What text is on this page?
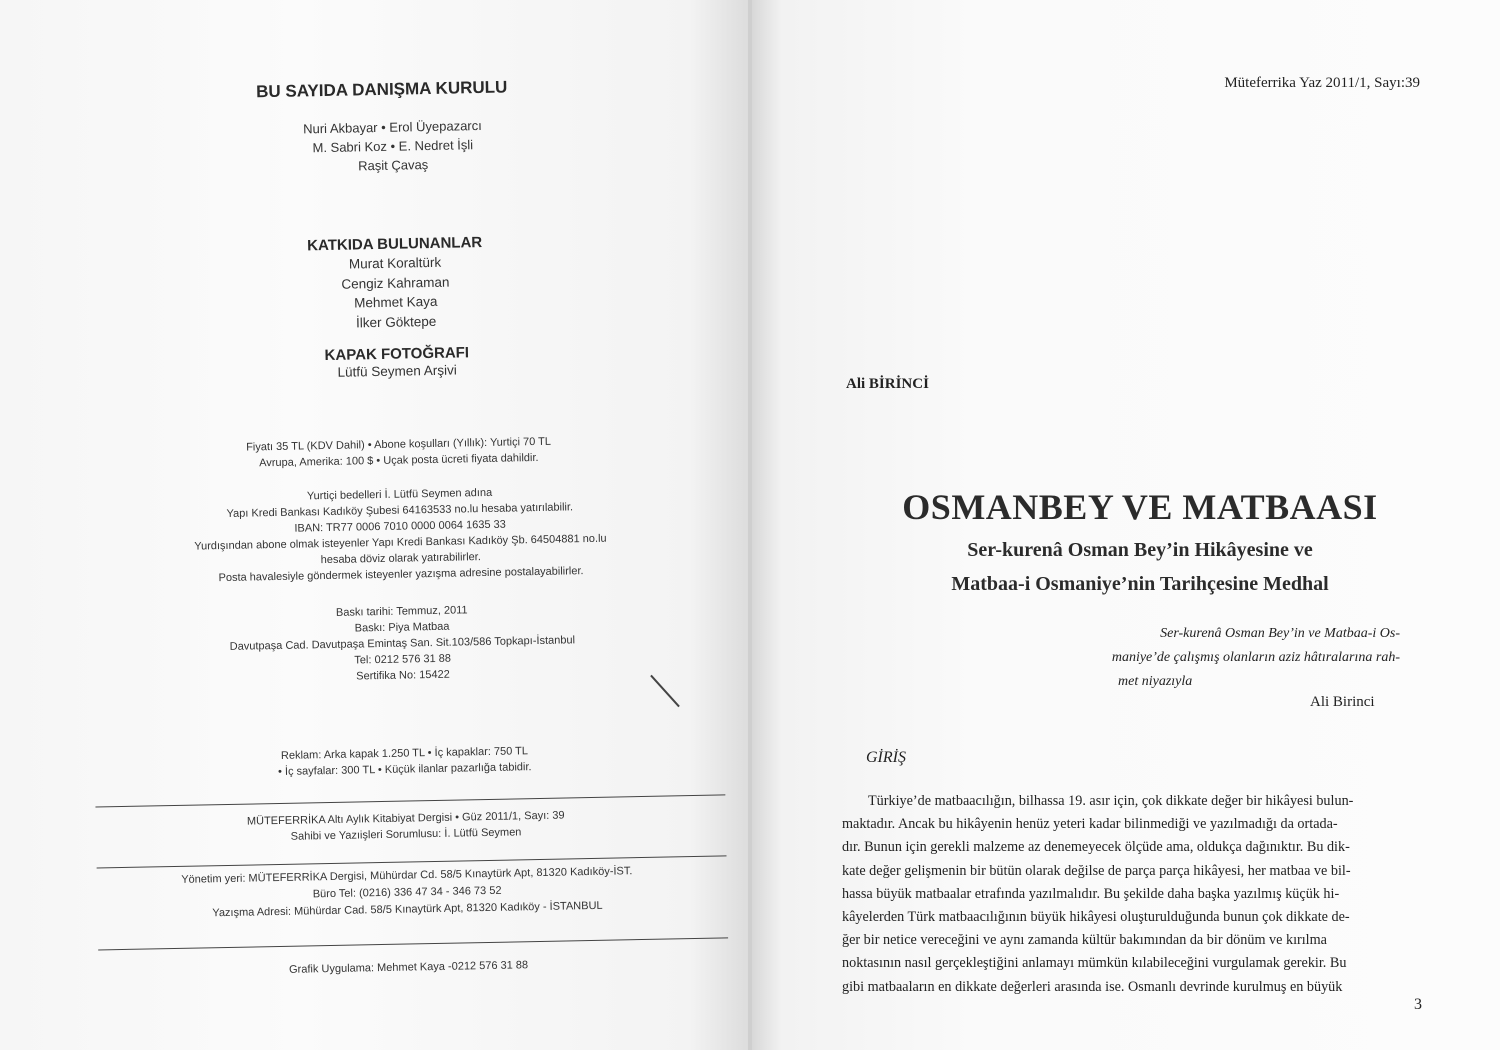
BU SAYIDA DANIŞMA KURULU
Nuri Akbayar • Erol Üyepazarcı
M. Sabri Koz • E. Nedret İşli
Raşit Çavaş
KATKIDA BULUNANLAR
Murat Koraltürk
Cengiz Kahraman
Mehmet Kaya
İlker Göktepe
KAPAK FOTOĞRAFI
Lütfü Seymen Arşivi
Fiyatı 35 TL (KDV Dahil) • Abone koşulları (Yıllık): Yurtiçi 70 TL
Avrupa, Amerika: 100 $ • Uçak posta ücreti fiyata dahildir.
Yurtiçi bedelleri İ. Lütfü Seymen adına
Yapı Kredi Bankası Kadıköy Şubesi 64163533 no.lu hesaba yatırılabilir.
IBAN: TR77 0006 7010 0000 0064 1635 33
Yurdışından abone olmak isteyenler Yapı Kredi Bankası Kadıköy Şb. 64504881 no.lu
hesaba döviz olarak yatırabilirler.
Posta havalesiyle göndermek isteyenler yazışma adresine postalayabilirler.
Baskı tarihi: Temmuz, 2011
Baskı: Piya Matbaa
Davutpaşa Cad. Davutpaşa Emintaş San. Sit.103/586 Topkapı-İstanbul
Tel: 0212 576 31 88
Sertifika No: 15422
Reklam: Arka kapak 1.250 TL • İç kapaklar: 750 TL
• İç sayfalar: 300 TL • Küçük ilanlar pazarlığa tabidir.
MÜTEFERRİKA Altı Aylık Kitabiyat Dergisi • Güz 2011/1, Sayı: 39
Sahibi ve Yazıişleri Sorumlusu: İ. Lütfü Seymen
Yönetim yeri: MÜTEFERRİKA Dergisi, Mühürdar Cd. 58/5 Kınaytürk Apt, 81320 Kadıköy-İST.
Büro Tel: (0216) 336 47 34 - 346 73 52
Yazışma Adresi: Mühürdar Cad. 58/5 Kınaytürk Apt, 81320 Kadıköy - İSTANBUL
Grafik Uygulama: Mehmet Kaya -0212 576 31 88
Müteferrika Yaz 2011/1, Sayı:39
Ali BİRİNCİ
OSMANBEY VE MATBAASI
Ser-kurenâ Osman Bey’in Hikâyesine ve
Matbaa-i Osmaniye’nin Tarihçesine Medhal
Ser-kurenâ Osman Bey’in ve Matbaa-i Os-
maniye’de çalışmış olanların aziz hâtıralarına rah-
met niyazıyla
Ali Birinci
GİRİŞ
Türkiye’de matbaacılığın, bilhassa 19. asır için, çok dikkate değer bir hikâyesi bulun-
maktadır. Ancak bu hikâyenin henüz yeteri kadar bilinmediği ve yazılmadığı da ortada-
dır. Bunun için gerekli malzeme az denemeyecek ölçüde ama, oldukça dağınıktır. Bu dik-
kate değer gelişmenin bir bütün olarak değilse de parça parça hikâyesi, her matbaa ve bil-
hassa büyük matbaalar etrafında yazılmalıdır. Bu şekilde daha başka yazılmış küçük hi-
kâyelerden Türk matbaacılığının büyük hikâyesi oluşturulduğunda bunun çok dikkate de-
ğer bir netice vereceğini ve aynı zamanda kültür bakımından da bir dönüm ve kırılma
noktasının nasıl gerçekleştiğini anlamayı mümkün kılabileceğini vurgulamak gerekir. Bu
gibi matbaaların en dikkate değerleri arasında ise. Osmanlı devrinde kurulmuş en büyük
3
